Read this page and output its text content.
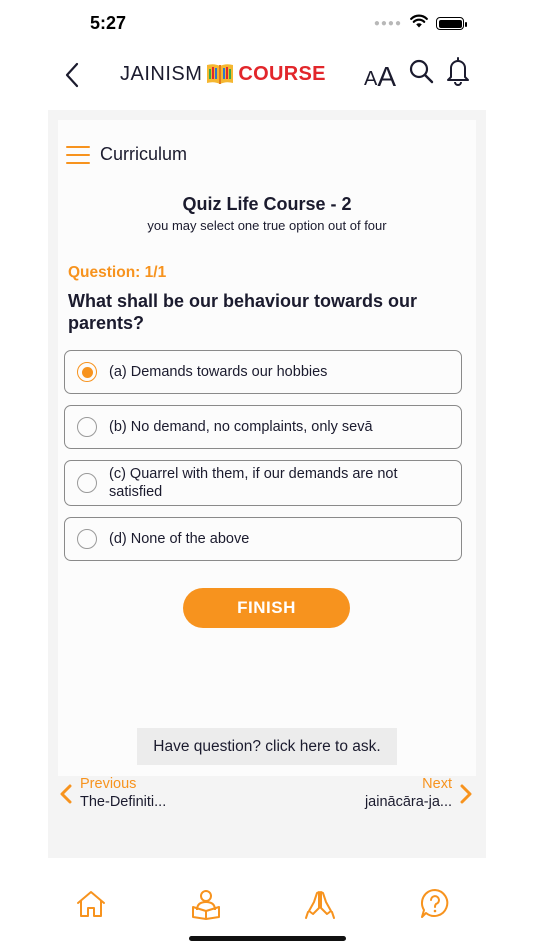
5:27	●●●●
JAINISM COURSE A A
Curriculum
Quiz Life Course - 2
you may select one true option out of four
Question: 1/1
What shall be our behaviour towards our parents?
(a) Demands towards our hobbies
(b) No demand, no complaints, only sevā
(c) Quarrel with them, if our demands are not satisfied
(d) None of the above
FINISH
Have question? click here to ask.
Previous
The-Definiti...
Next
jainācāra-ja...
